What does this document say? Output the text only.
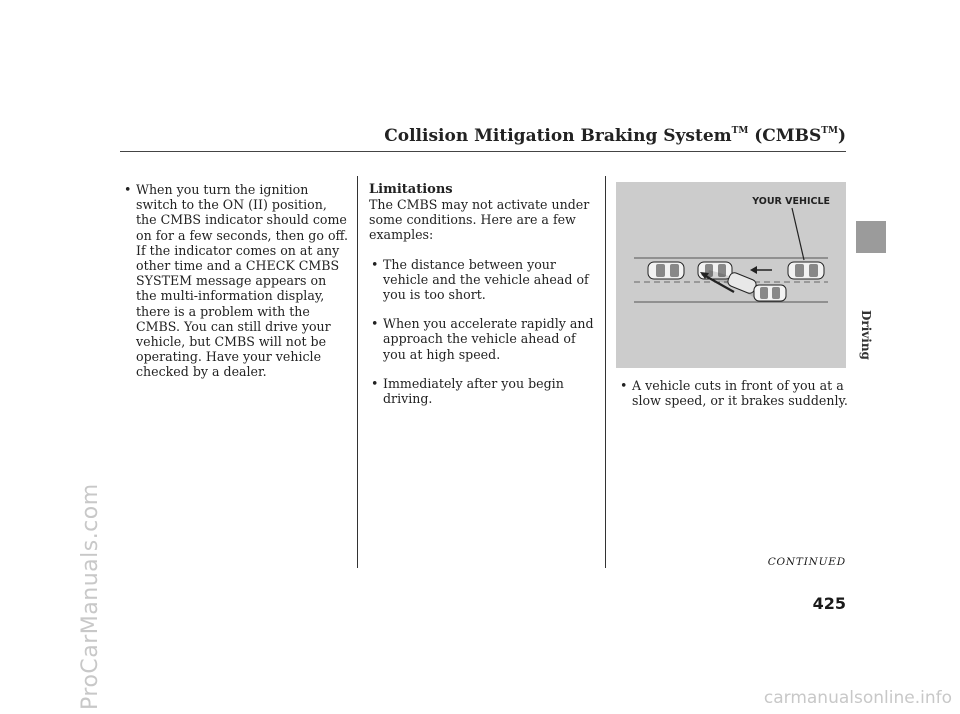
ProCarManuals.com
Collision Mitigation Braking System™ (CMBS™)
• When you turn the ignition switch to the ON (II) position, the CMBS indicator should come on for a few seconds, then go off. If the indicator comes on at any other time and a CHECK CMBS SYSTEM message appears on the multi-information display, there is a problem with the CMBS. You can still drive your vehicle, but CMBS will not be operating. Have your vehicle checked by a dealer.
Limitations
The CMBS may not activate under some conditions. Here are a few examples:
• The distance between your vehicle and the vehicle ahead of you is too short.
• When you accelerate rapidly and approach the vehicle ahead of you at high speed.
• Immediately after you begin driving.
YOUR VEHICLE
• A vehicle cuts in front of you at a slow speed, or it brakes suddenly.
Driving
CONTINUED
425
carmanualsonline.info
